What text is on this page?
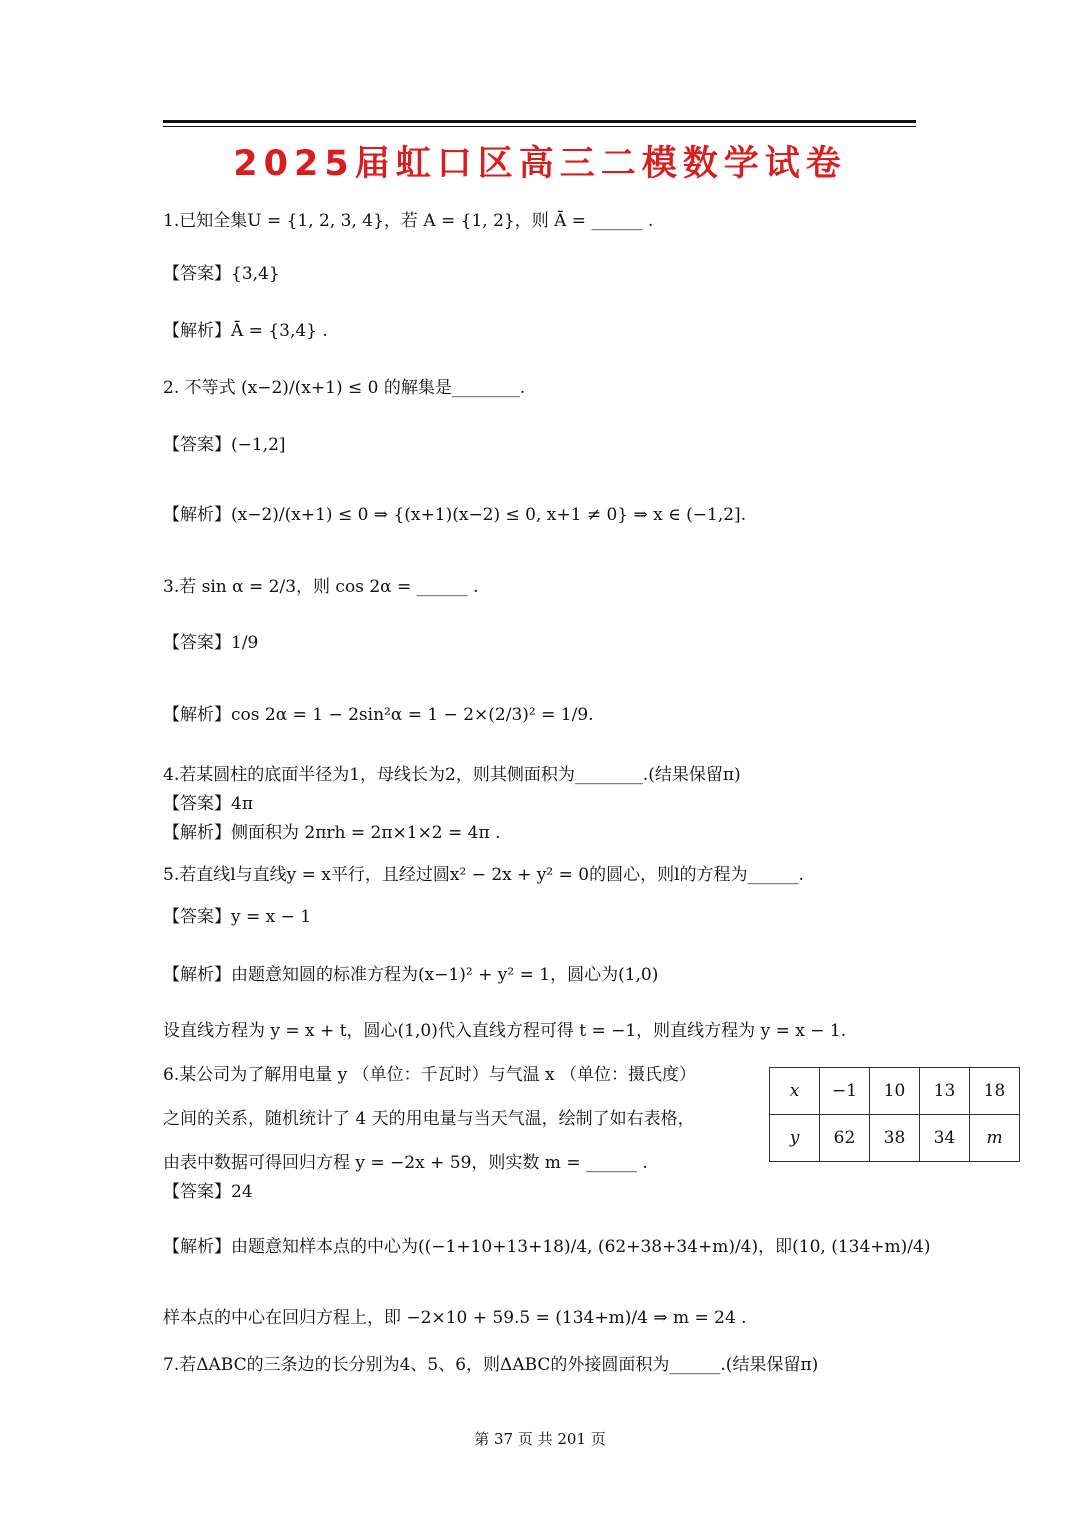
2025届虹口区高三二模数学试卷
1.已知全集U = {1, 2, 3, 4}，若 A = {1, 2}，则 Ā = ______ .
【答案】{3,4}
【解析】Ā = {3,4} .
2. 不等式 (x−2)/(x+1) ≤ 0 的解集是________.
【答案】(−1,2]
【解析】(x−2)/(x+1) ≤ 0 ⇒ {(x+1)(x−2) ≤ 0, x+1 ≠ 0} ⇒ x ∈ (−1,2].
3.若 sin α = 2/3，则 cos 2α = ______ .
【答案】1/9
【解析】cos 2α = 1 − 2sin²α = 1 − 2×(2/3)² = 1/9.
4.若某圆柱的底面半径为1，母线长为2，则其侧面积为________.(结果保留π)
【答案】4π
【解析】侧面积为 2πrh = 2π×1×2 = 4π .
5.若直线l与直线y = x平行，且经过圆x² − 2x + y² = 0的圆心，则l的方程为______.
【答案】y = x − 1
【解析】由题意知圆的标准方程为(x−1)² + y² = 1，圆心为(1,0)
设直线方程为 y = x + t，圆心(1,0)代入直线方程可得 t = −1，则直线方程为 y = x − 1.
6.某公司为了解用电量 y （单位：千瓦时）与气温 x （单位：摄氏度）
之间的关系，随机统计了 4 天的用电量与当天气温，绘制了如右表格，
由表中数据可得回归方程 y = −2x + 59，则实数 m = ______ .
x	−1	10	13	18
y	62	38	34	m
【答案】24
【解析】由题意知样本点的中心为((−1+10+13+18)/4, (62+38+34+m)/4)，即(10, (134+m)/4)
样本点的中心在回归方程上，即 −2×10 + 59.5 = (134+m)/4 ⇒ m = 24 .
7.若ΔABC的三条边的长分别为4、5、6，则ΔABC的外接圆面积为______.(结果保留π)
第 37 页 共 201 页
